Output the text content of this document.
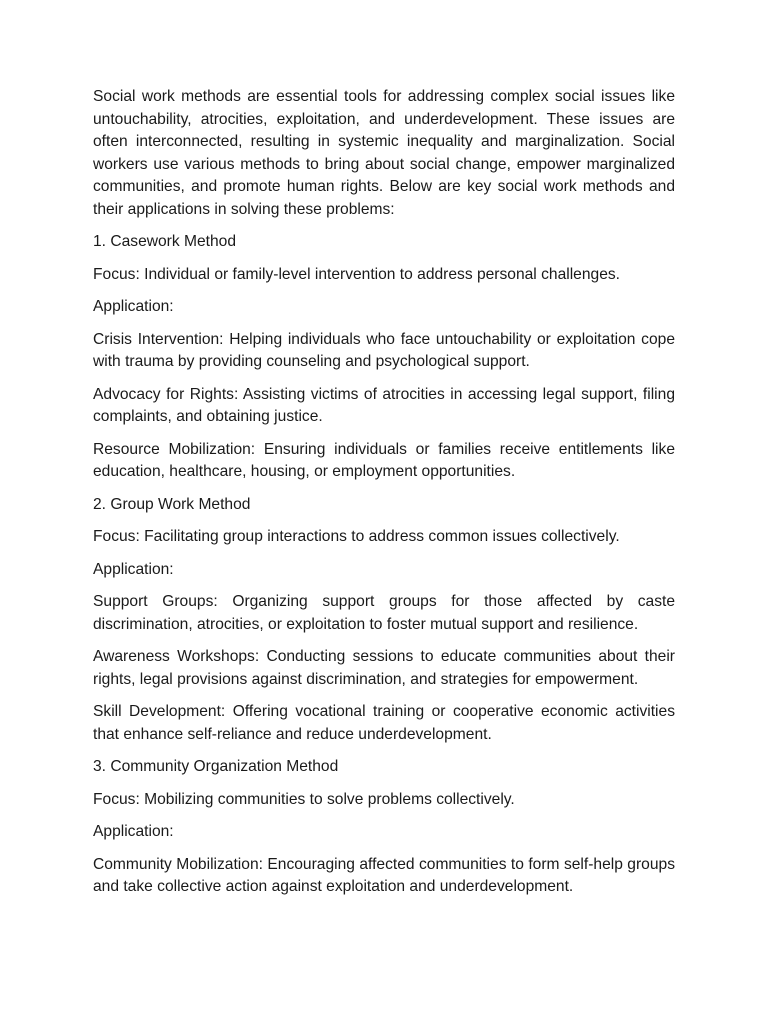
Social work methods are essential tools for addressing complex social issues like untouchability, atrocities, exploitation, and underdevelopment. These issues are often interconnected, resulting in systemic inequality and marginalization. Social workers use various methods to bring about social change, empower marginalized communities, and promote human rights. Below are key social work methods and their applications in solving these problems:

1. Casework Method

Focus: Individual or family-level intervention to address personal challenges.

Application:

Crisis Intervention: Helping individuals who face untouchability or exploitation cope with trauma by providing counseling and psychological support.

Advocacy for Rights: Assisting victims of atrocities in accessing legal support, filing complaints, and obtaining justice.

Resource Mobilization: Ensuring individuals or families receive entitlements like education, healthcare, housing, or employment opportunities.

2. Group Work Method

Focus: Facilitating group interactions to address common issues collectively.

Application:

Support Groups: Organizing support groups for those affected by caste discrimination, atrocities, or exploitation to foster mutual support and resilience.

Awareness Workshops: Conducting sessions to educate communities about their rights, legal provisions against discrimination, and strategies for empowerment.

Skill Development: Offering vocational training or cooperative economic activities that enhance self-reliance and reduce underdevelopment.

3. Community Organization Method

Focus: Mobilizing communities to solve problems collectively.

Application:

Community Mobilization: Encouraging affected communities to form self-help groups and take collective action against exploitation and underdevelopment.
